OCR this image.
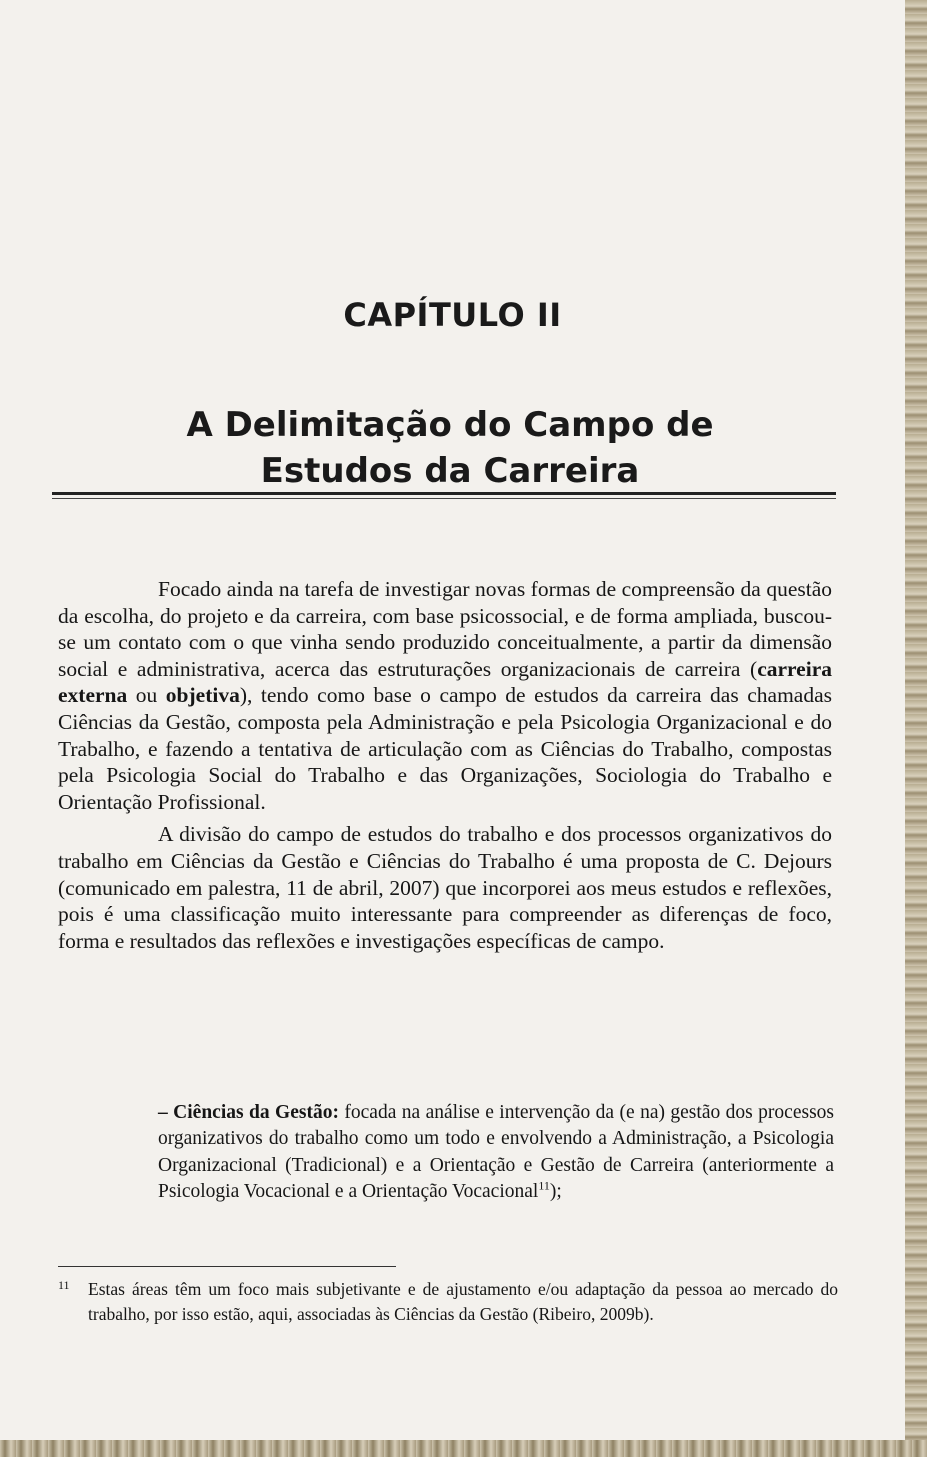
CAPÍTULO II
A Delimitação do Campo de
Estudos da Carreira

Focado ainda na tarefa de investigar novas formas de compreensão da questão da escolha, do projeto e da carreira, com base psicossocial, e de forma ampliada, buscou-se um contato com o que vinha sendo produzido conceitualmente, a partir da dimensão social e administrativa, acerca das estruturações organizacionais de carreira (carreira externa ou objetiva), tendo como base o campo de estudos da carreira das chamadas Ciências da Gestão, composta pela Administração e pela Psicologia Organizacional e do Trabalho, e fazendo a tentativa de articulação com as Ciências do Trabalho, compostas pela Psicologia Social do Trabalho e das Organizações, Sociologia do Trabalho e Orientação Profissional.

A divisão do campo de estudos do trabalho e dos processos organizativos do trabalho em Ciências da Gestão e Ciências do Trabalho é uma proposta de C. Dejours (comunicado em palestra, 11 de abril, 2007) que incorporei aos meus estudos e reflexões, pois é uma classificação muito interessante para compreender as diferenças de foco, forma e resultados das reflexões e investigações específicas de campo.

– Ciências da Gestão: focada na análise e intervenção da (e na) gestão dos processos organizativos do trabalho como um todo e envolvendo a Administração, a Psicologia Organizacional (Tradicional) e a Orientação e Gestão de Carreira (anteriormente a Psicologia Vocacional e a Orientação Vocacional$^{11}$);
11 Estas áreas têm um foco mais subjetivante e de ajustamento e/ou adaptação da pessoa ao mercado do trabalho, por isso estão, aqui, associadas às Ciências da Gestão (Ribeiro, 2009b).
